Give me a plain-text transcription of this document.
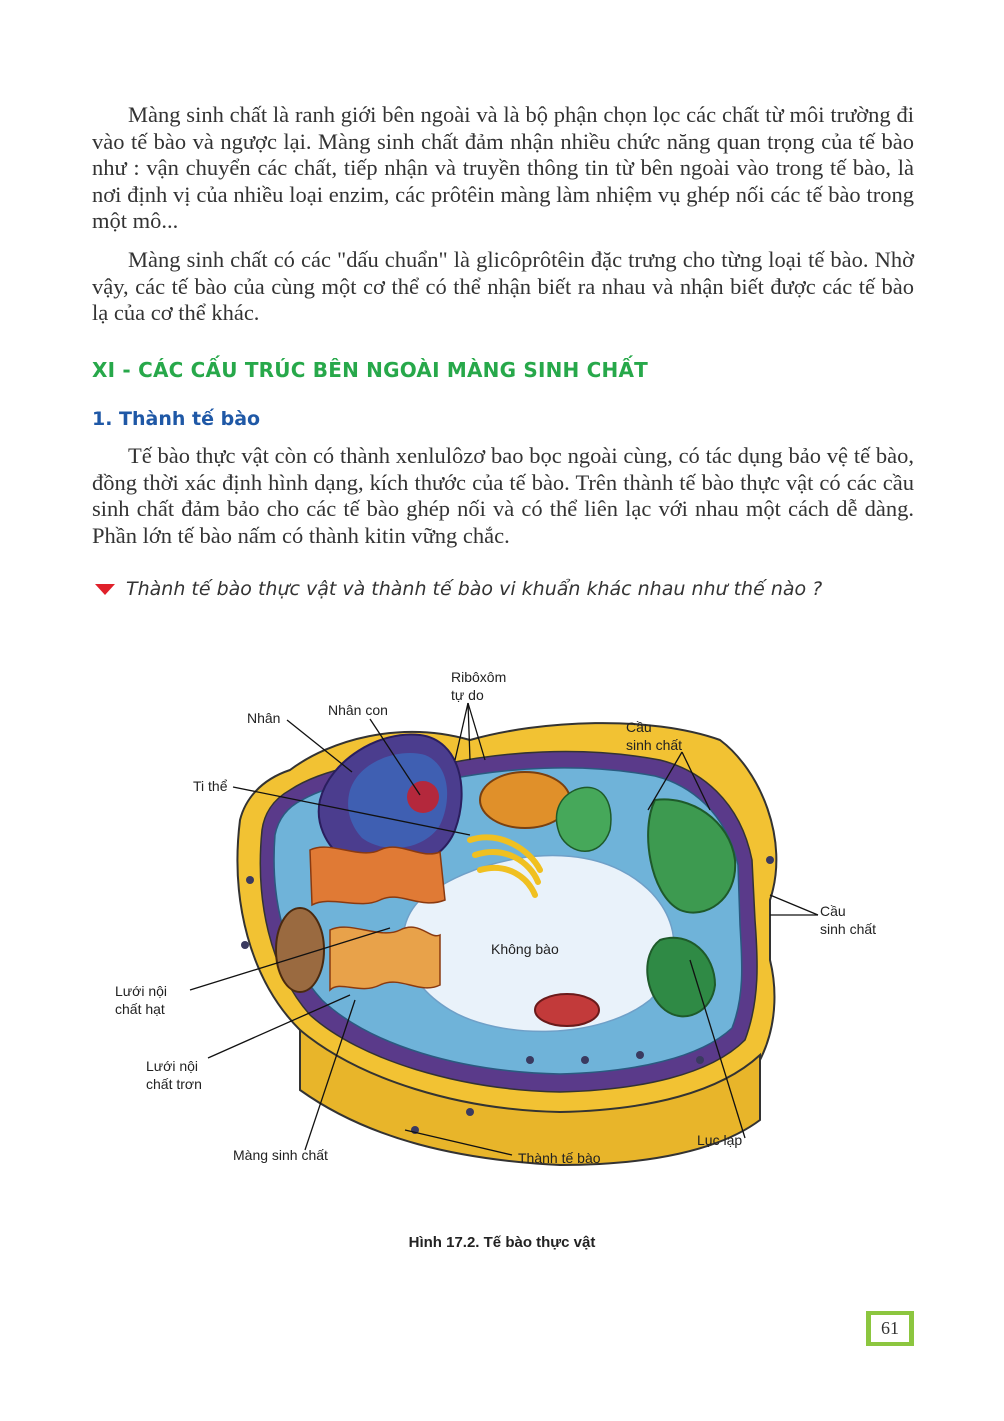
Màng sinh chất là ranh giới bên ngoài và là bộ phận chọn lọc các chất từ môi trường đi vào tế bào và ngược lại. Màng sinh chất đảm nhận nhiều chức năng quan trọng của tế bào như : vận chuyển các chất, tiếp nhận và truyền thông tin từ bên ngoài vào trong tế bào, là nơi định vị của nhiều loại enzim, các prôtêin màng làm nhiệm vụ ghép nối các tế bào trong một mô...

Màng sinh chất có các "dấu chuẩn" là glicôprôtêin đặc trưng cho từng loại tế bào. Nhờ vậy, các tế bào của cùng một cơ thể có thể nhận biết ra nhau và nhận biết được các tế bào lạ của cơ thể khác.

XI - CÁC CẤU TRÚC BÊN NGOÀI MÀNG SINH CHẤT
1. Thành tế bào

Tế bào thực vật còn có thành xenlulôzơ bao bọc ngoài cùng, có tác dụng bảo vệ tế bào, đồng thời xác định hình dạng, kích thước của tế bào. Trên thành tế bào thực vật có các cầu sinh chất đảm bảo cho các tế bào ghép nối và có thể liên lạc với nhau một cách dễ dàng. Phần lớn tế bào nấm có thành kitin vững chắc.

Thành tế bào thực vật và thành tế bào vi khuẩn khác nhau như thế nào ?
Nhân	Nhân con
Ribôxôm
tự do
Cầu
sinh chất
Ti thể
Cầu
sinh chất
Không bào
Lưới nội
chất hạt
Lưới nội
chất trơn
Lục lạp
Màng sinh chất	Thành tế bào
Hình 17.2. Tế bào thực vật
61
